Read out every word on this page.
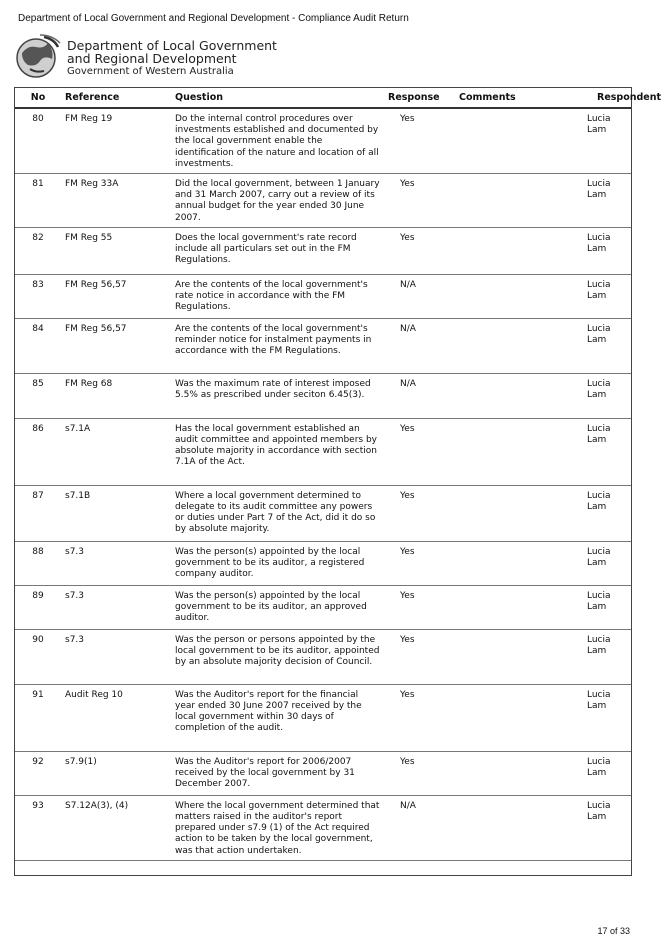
Department of Local Government and Regional Development - Compliance Audit Return
Department of Local Government
and Regional Development
Government of Western Australia
No	Reference	Question	Response	Comments	Respondent
80	FM Reg 19	Do the internal control procedures over investments established and documented by the local government enable the identification of the nature and location of all investments.	Yes		Lucia Lam
81	FM Reg 33A	Did the local government, between 1 January and 31 March 2007, carry out a review of its annual budget for the year ended 30 June 2007.	Yes		Lucia Lam
82	FM Reg 55	Does the local government's rate record include all particulars set out in the FM Regulations.	Yes		Lucia Lam
83	FM Reg 56,57	Are the contents of the local government's rate notice in accordance with the FM Regulations.	N/A		Lucia Lam
84	FM Reg 56,57	Are the contents of the local government's reminder notice for instalment payments in accordance with the FM Regulations.	N/A		Lucia Lam
85	FM Reg 68	Was the maximum rate of interest imposed 5.5% as prescribed under seciton 6.45(3).	N/A		Lucia Lam
86	s7.1A	Has the local government established an audit committee and appointed members by absolute majority in accordance with section 7.1A of the Act.	Yes		Lucia Lam
87	s7.1B	Where a local government determined to delegate to its audit committee any powers or duties under Part 7 of the Act, did it do so by absolute majority.	Yes		Lucia Lam
88	s7.3	Was the person(s) appointed by the local government to be its auditor, a registered company auditor.	Yes		Lucia Lam
89	s7.3	Was the person(s) appointed by the local government to be its auditor, an approved auditor.	Yes		Lucia Lam
90	s7.3	Was the person or persons appointed by the local government to be its auditor, appointed by an absolute majority decision of Council.	Yes		Lucia Lam
91	Audit Reg 10	Was the Auditor's report for the financial year ended 30 June 2007 received by the local government within 30 days of completion of the audit.	Yes		Lucia Lam
92	s7.9(1)	Was the Auditor's report for 2006/2007 received by the local government by 31 December 2007.	Yes		Lucia Lam
93	S7.12A(3), (4)	Where the local government determined that matters raised in the auditor's report prepared under s7.9 (1) of the Act required action to be taken by the local government, was that action undertaken.	N/A		Lucia Lam
17 of 33
